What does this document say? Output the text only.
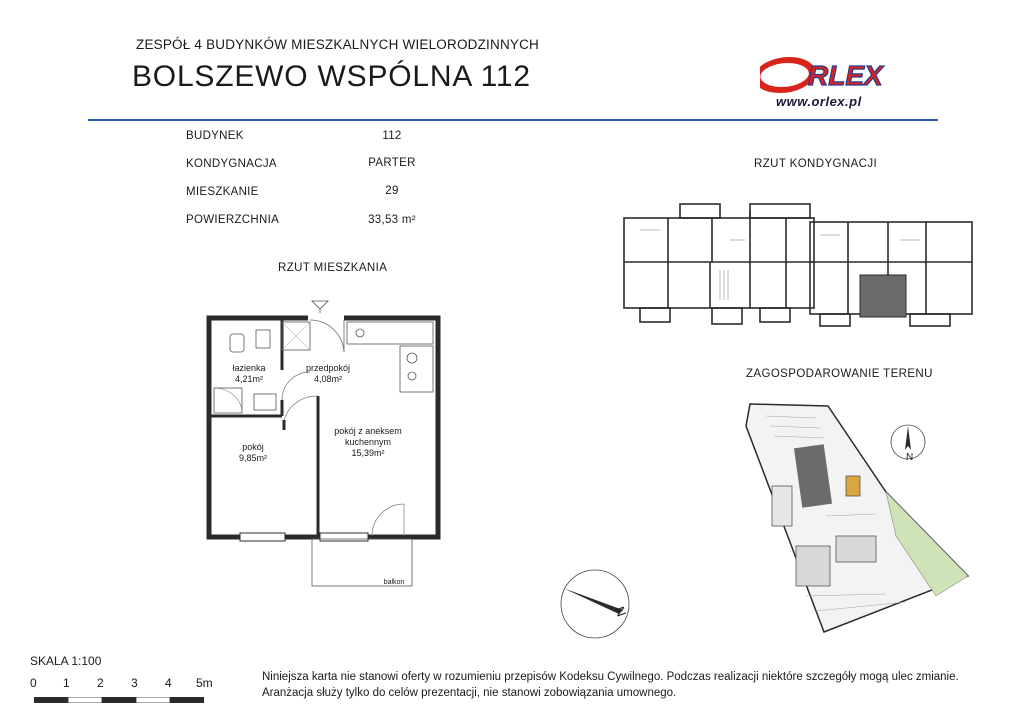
ZESPÓŁ 4 BUDYNKÓW MIESZKALNYCH WIELORODZINNYCH
BOLSZEWO WSPÓLNA 112	RLEX
www.orlex.pl
BUDYNEK	112
KONDYGNACJA	PARTER
MIESZKANIE	29
POWIERZCHNIA	33,53 m²
RZUT MIESZKANIA
RZUT KONDYGNACJI
ZAGOSPODAROWANIE TERENU
łazienka
4,21m²
przedpokój
4,08m²
pokój
9,85m²
pokój z aneksem kuchennym
15,39m²
balkon
N
N
SKALA 1:100
0 1 2 3 4 5m	Niniejsza karta nie stanowi oferty w rozumieniu przepisów Kodeksu Cywilnego. Podczas realizacji niektóre szczegóły mogą ulec zmianie.
Aranżacja służy tylko do celów prezentacji, nie stanowi zobowiązania umownego.
